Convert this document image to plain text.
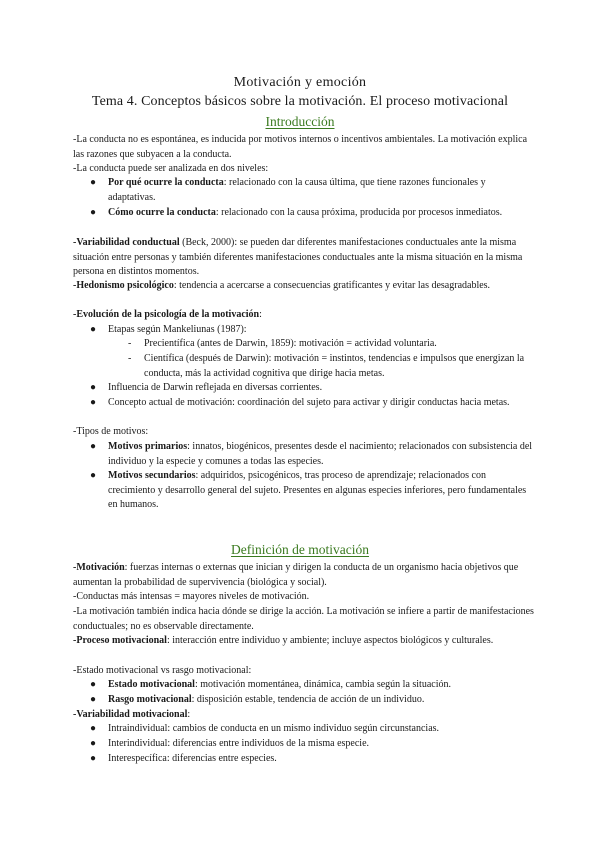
Motivación y emoción
Tema 4. Conceptos básicos sobre la motivación. El proceso motivacional
Introducción

-La conducta no es espontánea, es inducida por motivos internos o incentivos ambientales. La motivación explica las razones que subyacen a la conducta.

-La conducta puede ser analizada en dos niveles:

● Por qué ocurre la conducta: relacionado con la causa última, que tiene razones funcionales y adaptativas.
● Cómo ocurre la conducta: relacionado con la causa próxima, producida por procesos inmediatos.

-Variabilidad conductual (Beck, 2000): se pueden dar diferentes manifestaciones conductuales ante la misma situación entre personas y también diferentes manifestaciones conductuales ante la misma situación en la misma persona en distintos momentos.

-Hedonismo psicológico: tendencia a acercarse a consecuencias gratificantes y evitar las desagradables.

-Evolución de la psicología de la motivación:

● Etapas según Mankeliunas (1987):
- Precientífica (antes de Darwin, 1859): motivación = actividad voluntaria.
- Científica (después de Darwin): motivación = instintos, tendencias e impulsos que energizan la conducta, más la actividad cognitiva que dirige hacia metas.
● Influencia de Darwin reflejada en diversas corrientes.
● Concepto actual de motivación: coordinación del sujeto para activar y dirigir conductas hacia metas.

-Tipos de motivos:

● Motivos primarios: innatos, biogénicos, presentes desde el nacimiento; relacionados con subsistencia del individuo y la especie y comunes a todas las especies.
● Motivos secundarios: adquiridos, psicogénicos, tras proceso de aprendizaje; relacionados con crecimiento y desarrollo general del sujeto. Presentes en algunas especies inferiores, pero fundamentales en humanos.
Definición de motivación

-Motivación: fuerzas internas o externas que inician y dirigen la conducta de un organismo hacia objetivos que aumentan la probabilidad de supervivencia (biológica y social).

-Conductas más intensas = mayores niveles de motivación.

-La motivación también indica hacia dónde se dirige la acción. La motivación se infiere a partir de manifestaciones conductuales; no es observable directamente.

-Proceso motivacional: interacción entre individuo y ambiente; incluye aspectos biológicos y culturales.

-Estado motivacional vs rasgo motivacional:

● Estado motivacional: motivación momentánea, dinámica, cambia según la situación.
● Rasgo motivacional: disposición estable, tendencia de acción de un individuo.

-Variabilidad motivacional:

● Intraindividual: cambios de conducta en un mismo individuo según circunstancias.
● Interindividual: diferencias entre individuos de la misma especie.
● Interespecífica: diferencias entre especies.
